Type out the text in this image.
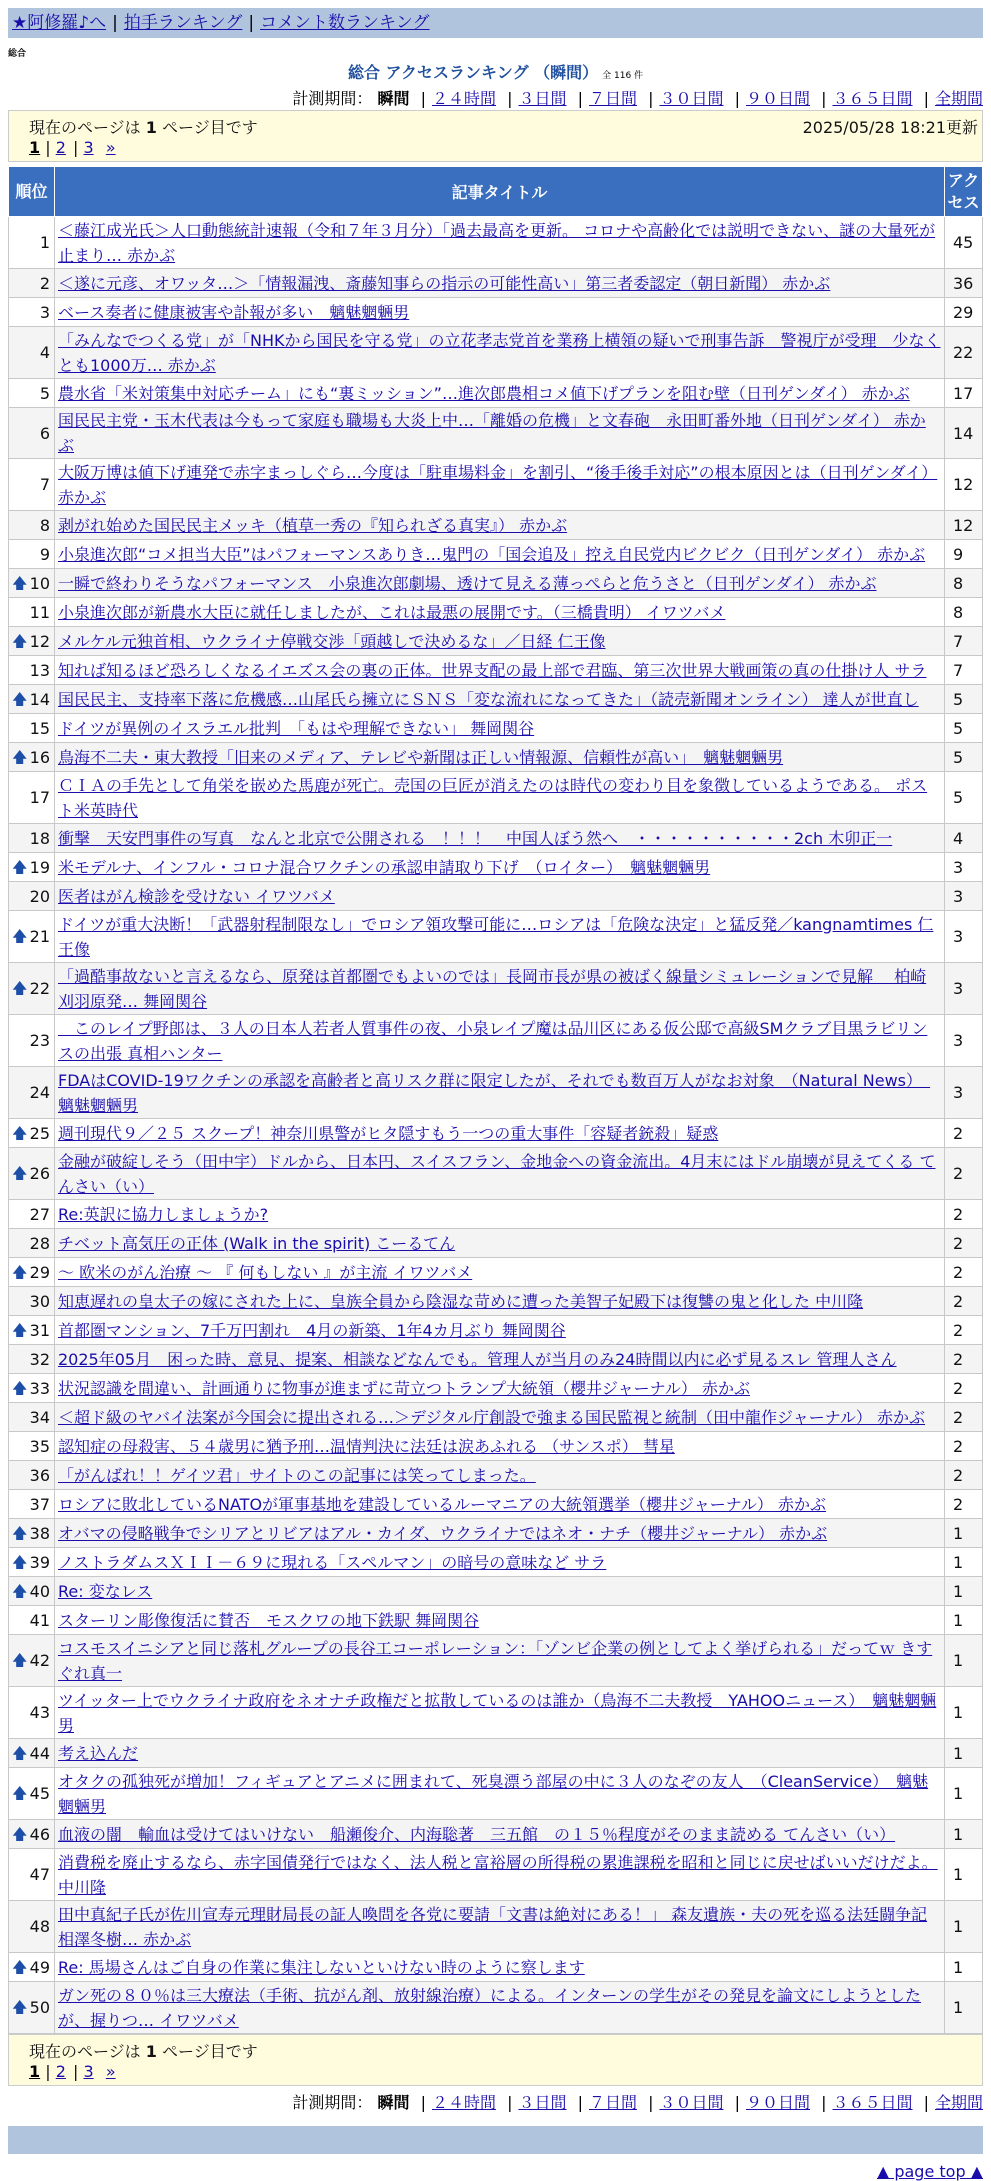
★阿修羅♪へ | 拍手ランキング | コメント数ランキング
総合
総合 アクセスランキング （瞬間） 全 116 件
計測期間： 瞬間 | ２４時間 | ３日間 | ７日間 | ３０日間 | ９０日間 | ３６５日間 | 全期間
現在のページは 1 ページ目です	2025/05/28 18:21更新
1 | 2 | 3 »
順位	記事タイトル	アクセス
1	＜藤江成光氏＞人口動態統計速報（令和７年３月分）「過去最高を更新。 コロナや高齢化では説明できない、謎の大量死が止まり… 赤かぶ	45
2	＜遂に元彦、オワッタ…＞「情報漏洩、斎藤知事らの指示の可能性高い」第三者委認定（朝日新聞） 赤かぶ	36
3	ベース奏者に健康被害や訃報が多い　魑魅魍魎男	29
4	「みんなでつくる党」が「NHKから国民を守る党」の立花孝志党首を業務上横領の疑いで刑事告訴　警視庁が受理　少なくとも1000万… 赤かぶ	22
5	農水省「米対策集中対応チーム」にも“裏ミッション”…進次郎農相コメ値下げプランを阻む壁（日刊ゲンダイ） 赤かぶ	17
6	国民民主党・玉木代表は今もって家庭も職場も大炎上中…「離婚の危機」と文春砲　永田町番外地（日刊ゲンダイ） 赤かぶ	14
7	大阪万博は値下げ連発で赤字まっしぐら…今度は「駐車場料金」を割引、“後手後手対応”の根本原因とは（日刊ゲンダイ） 赤かぶ	12
8	剥がれ始めた国民民主メッキ（植草一秀の『知られざる真実』） 赤かぶ	12
9	小泉進次郎“コメ担当大臣”はパフォーマンスありき…鬼門の「国会追及」控え自民党内ビクビク（日刊ゲンダイ） 赤かぶ	9

🡅 10	一瞬で終わりそうなパフォーマンス　小泉進次郎劇場、透けて見える薄っぺらと危うさと（日刊ゲンダイ） 赤かぶ	8
11	小泉進次郎が新農水大臣に就任しましたが、これは最悪の展開です。（三橋貴明） イワツバメ	8

🡅 12	メルケル元独首相、ウクライナ停戦交渉「頭越しで決めるな」／日経 仁王像	7
13	知れば知るほど恐ろしくなるイエズス会の裏の正体。世界支配の最上部で君臨、第三次世界大戦画策の真の仕掛け人 サラ	7

🡅 14	国民民主、支持率下落に危機感…山尾氏ら擁立にＳＮＳ「変な流れになってきた」（読売新聞オンライン） 達人が世直し	5
15	ドイツが異例のイスラエル批判　「もはや理解できない」 舞岡関谷	5

🡅 16	鳥海不二夫・東大教授「旧来のメディア、テレビや新聞は正しい情報源、信頼性が高い」　魑魅魍魎男	5
17	ＣＩＡの手先として角栄を嵌めた馬鹿が死亡。売国の巨匠が消えたのは時代の変わり目を象徴しているようである。 ポスト米英時代	5
18	衝撃　天安門事件の写真　なんと北京で公開される　！！！　中国人ぼう然へ　・・・・・・・・・・2ch 木卯正一	4

🡅 19	米モデルナ、インフル・コロナ混合ワクチンの承認申請取り下げ　（ロイター）　魑魅魍魎男	3
20	医者はがん検診を受けない イワツバメ	3

🡅 21	ドイツが重大決断！「武器射程制限なし」でロシア領攻撃可能に…ロシアは「危険な決定」と猛反発／kangnamtimes 仁王像	3

🡅 22	「過酷事故ないと言えるなら、原発は首都圏でもよいのでは」長岡市長が県の被ばく線量シミュレーションで見解　 柏崎刈羽原発… 舞岡関谷	3
23	　このレイプ野郎は、３人の日本人若者人質事件の夜、小泉レイプ魔は品川区にある仮公邸で高級SMクラブ目黒ラビリンスの出張 真相ハンター	3
24	FDAはCOVID-19ワクチンの承認を高齢者と高リスク群に限定したが、それでも数百万人がなお対象　（Natural News）　魑魅魍魎男	3

🡅 25	週刊現代９／２５ スクープ！神奈川県警がヒタ隠すもう一つの重大事件「容疑者銃殺」疑惑	2

🡅 26	金融が破綻しそう（田中宇）ドルから、日本円、スイスフラン、金地金への資金流出。4月末にはドル崩壊が見えてくる てんさい（い）	2
27	Re:英訳に協力しましょうか?	2
28	チベット高気圧の正体 (Walk in the spirit) こーるてん	2

🡅 29	～ 欧米のがん治療 ～ 『 何もしない 』が主流 イワツバメ	2
30	知恵遅れの皇太子の嫁にされた上に、皇族全員から陰湿な苛めに遭った美智子妃殿下は復讐の鬼と化した 中川隆	2

🡅 31	首都圏マンション、7千万円割れ　4月の新築、1年4カ月ぶり 舞岡関谷	2
32	2025年05月　困った時、意見、提案、相談などなんでも。管理人が当月のみ24時間以内に必ず見るスレ 管理人さん	2

🡅 33	状況認識を間違い、計画通りに物事が進まずに苛立つトランプ大統領（櫻井ジャーナル） 赤かぶ	2
34	＜超ド級のヤバイ法案が今国会に提出される…＞デジタル庁創設で強まる国民監視と統制（田中龍作ジャーナル） 赤かぶ	2
35	認知症の母殺害、５４歳男に猶予刑…温情判決に法廷は涙あふれる （サンスポ） 彗星	2
36	「がんばれ！！ゲイツ君」サイトのこの記事には笑ってしまった。	2
37	ロシアに敗北しているNATOが軍事基地を建設しているルーマニアの大統領選挙（櫻井ジャーナル） 赤かぶ	2

🡅 38	オバマの侵略戦争でシリアとリビアはアル・カイダ、ウクライナではネオ・ナチ（櫻井ジャーナル） 赤かぶ	1

🡅 39	ノストラダムスＸＩＩ－６９に現れる「スペルマン」の暗号の意味など サラ	1

🡅 40	Re: 変なレス	1
41	スターリン彫像復活に賛否　モスクワの地下鉄駅 舞岡関谷	1

🡅 42	コスモスイニシアと同じ落札グループの長谷工コーポレーション：「ゾンビ企業の例としてよく挙げられる」だってｗ きすぐれ真一	1
43	ツイッター上でウクライナ政府をネオナチ政権だと拡散しているのは誰か（鳥海不二夫教授　YAHOOニュース）　魑魅魍魎男	1

🡅 44	考え込んだ	1

🡅 45	オタクの孤独死が増加！フィギュアとアニメに囲まれて、死臭漂う部屋の中に３人のなぞの友人　（CleanService）　魑魅魍魎男	1

🡅 46	血液の闇　輸血は受けてはいけない　船瀬俊介、内海聡著　三五館　の１５％程度がそのまま読める てんさい（い）	1
47	消費税を廃止するなら、赤字国債発行ではなく、法人税と富裕層の所得税の累進課税を昭和と同じに戻せばいいだけだよ。 中川隆	1
48	田中真紀子氏が佐川宣寿元理財局長の証人喚問を各党に要請「文書は絶対にある！」 森友遺族・夫の死を巡る法廷闘争記 相澤冬樹… 赤かぶ	1

🡅 49	Re: 馬場さんはご自身の作業に集注しないといけない時のように察します	1

🡅 50	ガン死の８０％は三大療法（手術、抗がん剤、放射線治療）による。インターンの学生がその発見を論文にしようとしたが、握りつ… イワツバメ	1
現在のページは 1 ページ目です
1 | 2 | 3 »
計測期間： 瞬間 | ２４時間 | ３日間 | ７日間 | ３０日間 | ９０日間 | ３６５日間 | 全期間
▲ page top ▲
